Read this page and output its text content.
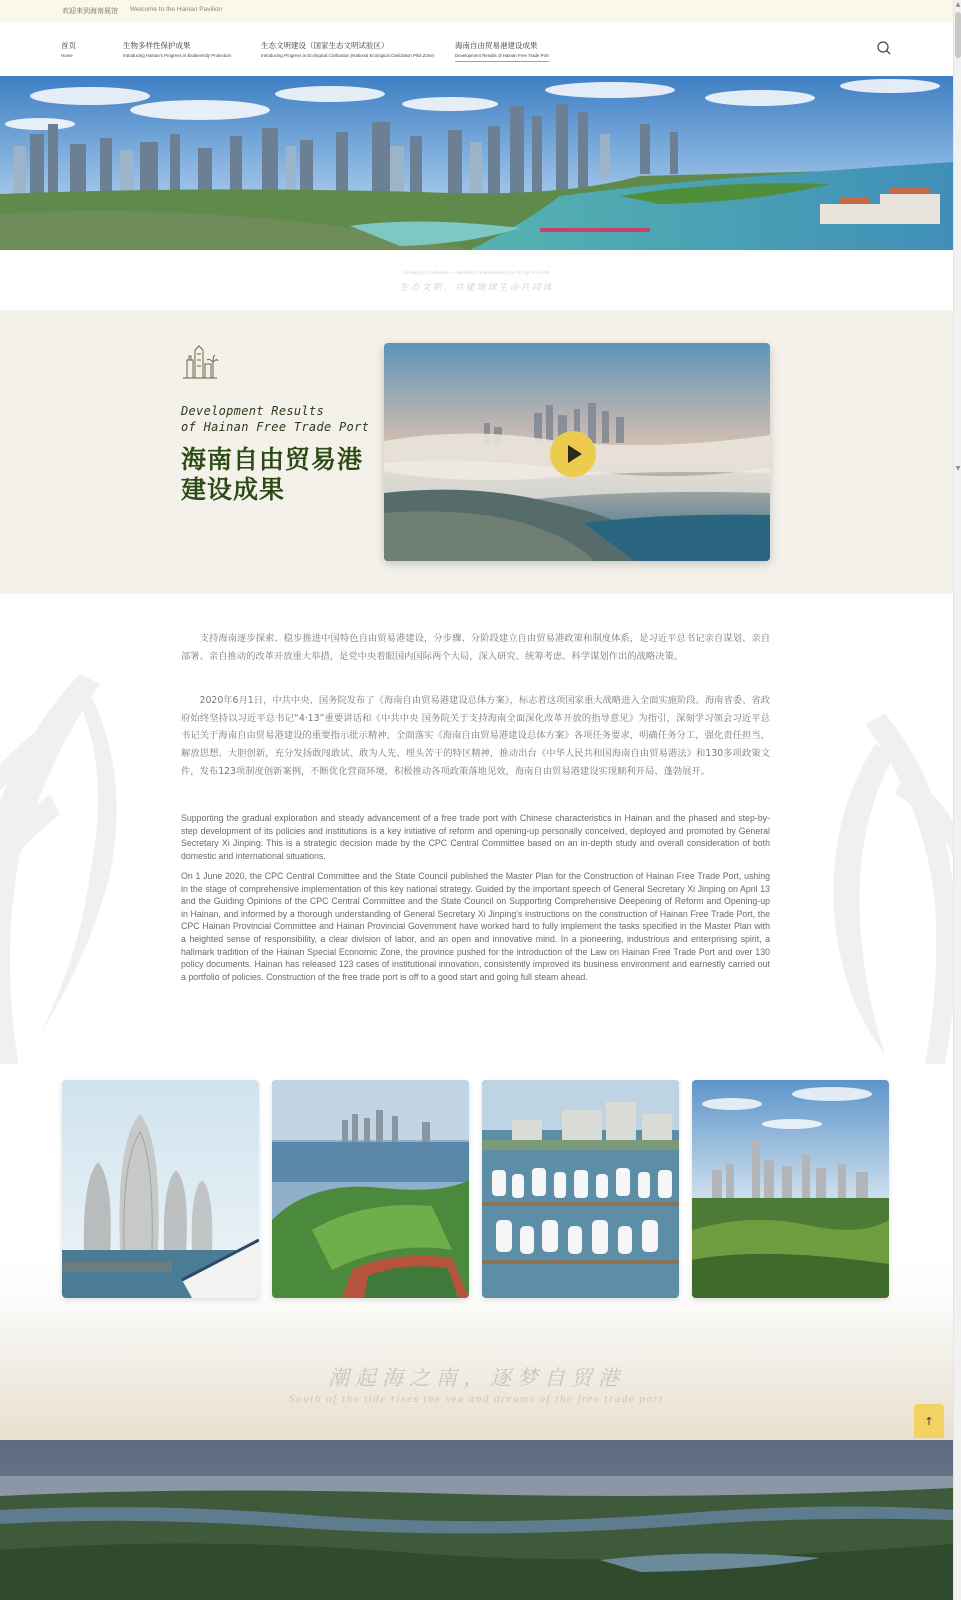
欢迎来到海南展馆 Welcome to the Hainan Pavilion
首页
Home
生物多样性保护成果
Introducing Hainan's Progress in Biodiversity Protection
生态文明建设（国家生态文明试验区）
Introducing Progress in Ecological Civilization (National Ecological Civilization Pilot Zone)
海南自由贸易港建设成果
Development Results of Hainan Free Trade Port
Ecological Civilization — Building a Shared Future for All Life on Earth
生态文明，共建地球生命共同体
Development Results
of Hainan Free Trade Port
海南自由贸易港
建设成果

支持海南逐步探索、稳步推进中国特色自由贸易港建设，分步骤、分阶段建立自由贸易港政策和制度体系，是习近平总书记亲自谋划、亲自部署、亲自推动的改革开放重大举措，是党中央着眼国内国际两个大局，深入研究、统筹考虑、科学谋划作出的战略决策。

2020年6月1日，中共中央、国务院发布了《海南自由贸易港建设总体方案》，标志着这项国家重大战略进入全面实施阶段。海南省委、省政府始终坚持以习近平总书记“4·13”重要讲话和《中共中央 国务院关于支持海南全面深化改革开放的指导意见》为指引，深刻学习领会习近平总书记关于海南自由贸易港建设的重要指示批示精神，全面落实《海南自由贸易港建设总体方案》各项任务要求，明确任务分工，强化责任担当，解放思想、大胆创新，充分发扬敢闯敢试、敢为人先、埋头苦干的特区精神，推动出台《中华人民共和国海南自由贸易港法》和130多项政策文件，发布123项制度创新案例，不断优化营商环境，积极推动各项政策落地见效，海南自由贸易港建设实现顺利开局、蓬勃展开。

Supporting the gradual exploration and steady advancement of a free trade port with Chinese characteristics in Hainan and the phased and step-by-step development of its policies and institutions is a key initiative of reform and opening-up personally conceived, deployed and promoted by General Secretary Xi Jinping. This is a strategic decision made by the CPC Central Committee based on an in-depth study and overall consideration of both domestic and international situations.

On 1 June 2020, the CPC Central Committee and the State Council published the Master Plan for the Construction of Hainan Free Trade Port, ushing in the stage of comprehensive implementation of this key national strategy. Guided by the important speech of General Secretary Xi Jinping on April 13 and the Guiding Opinions of the CPC Central Committee and the State Council on Supporting Comprehensive Deepening of Reform and Opening-up in Hainan, and informed by a thorough understanding of General Secretary Xi Jinping's instructions on the construction of Hainan Free Trade Port, the CPC Hainan Provincial Committee and Hainan Provincial Government have worked hard to fully implement the tasks specified in the Master Plan with a heighted sense of responsibility, a clear division of labor, and an open and innovative mind. In a pioneering, industrious and enterprising spirit, a hallmark tradition of the Hainan Special Economic Zone, the province pushed for the introduction of the Law on Hainan Free Trade Port and over 130 policy documents. Hainan has released 123 cases of institutional innovation, consistently improved its business environment and earnestly carried out a portfolio of policies. Construction of the free trade port is off to a good start and going full steam ahead.

潮起海之南，逐梦自贸港
South of the tide rises the sea and dreams of the free trade port
↑
▲
▼
